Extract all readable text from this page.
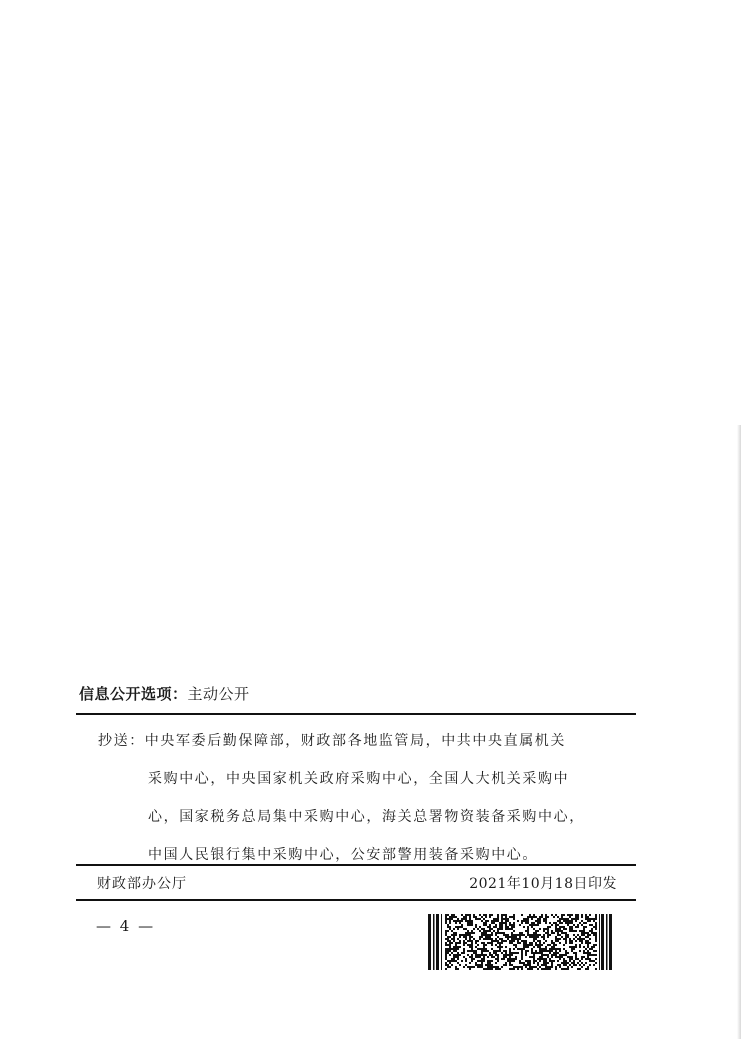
信息公开选项：主动公开
抄送：中央军委后勤保障部，财政部各地监管局，中共中央直属机关
采购中心，中央国家机关政府采购中心，全国人大机关采购中
心，国家税务总局集中采购中心，海关总署物资装备采购中心，
中国人民银行集中采购中心，公安部警用装备采购中心。
财政部办公厅	2021年10月18日印发
— 4 —
